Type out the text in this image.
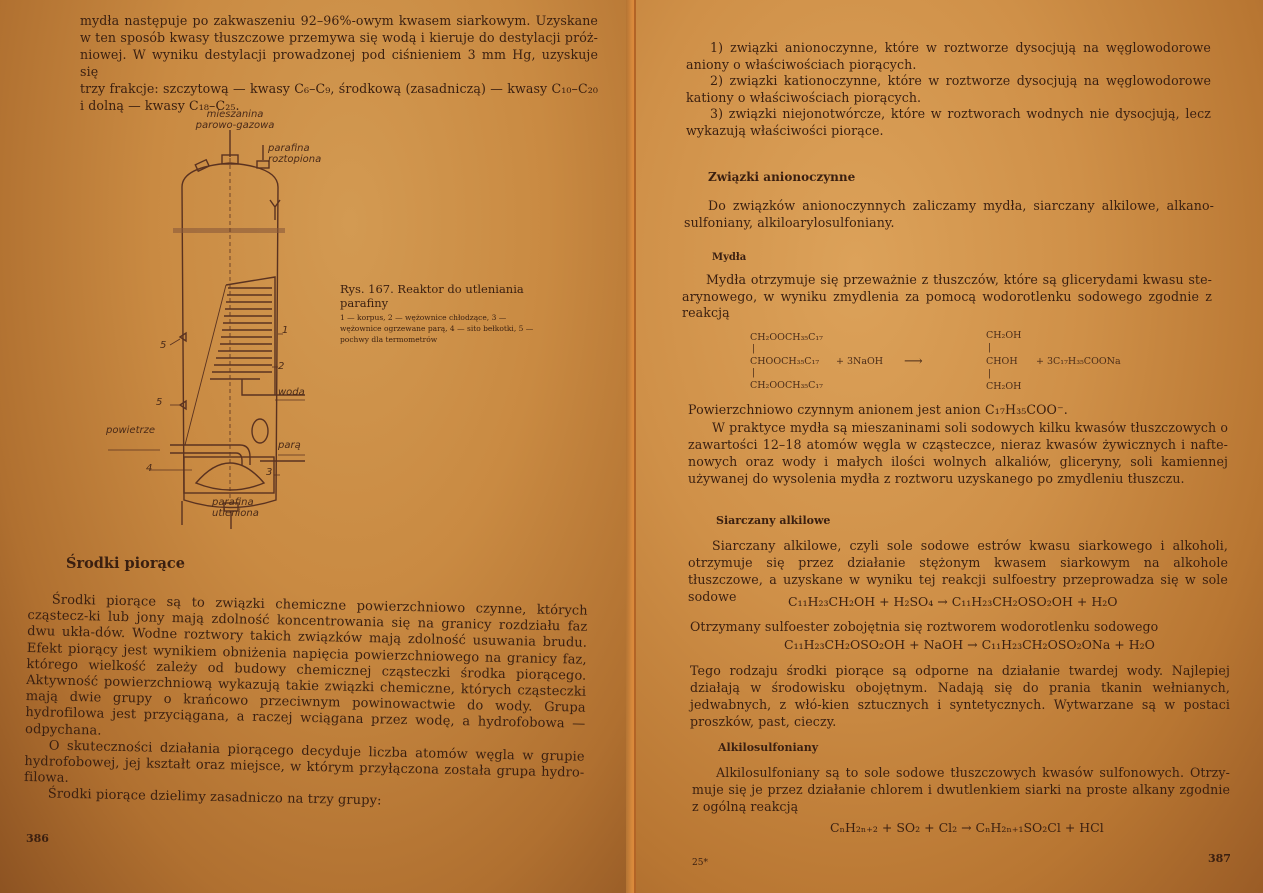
mydła następuje po zakwaszeniu 92–96%-owym kwasem siarkowym. Uzyskane
w ten sposób kwasy tłuszczowe przemywa się wodą i kieruje do destylacji próż-
niowej. W wyniku destylacji prowadzonej pod ciśnieniem 3 mm Hg, uzyskuje się
trzy frakcje: szczytową — kwasy C₆–C₉, środkową (zasadniczą) — kwasy C₁₀–C₂₀
i dolną — kwasy C₁₈–C₂₅.
mieszanina parowo-gazowa
parafina roztopiona
5
1
2
woda
5
powietrze
parą
4	3
parafina utleniona
Rys. 167. Reaktor do utleniania parafiny
1 — korpus, 2 — wężownice chłodzące, 3 — wężownice ogrzewane parą, 4 — sito bełkotki, 5 — pochwy dla termometrów
Środki piorące

Środki piorące są to związki chemiczne powierzchniowo czynne, których cząstecz-ki lub jony mają zdolność koncentrowania się na granicy rozdziału faz dwu ukła-dów. Wodne roztwory takich związków mają zdolność usuwania brudu. Efekt piorący jest wynikiem obniżenia napięcia powierzchniowego na granicy faz, którego wielkość zależy od budowy chemicznej cząsteczki środka piorącego. Aktywność powierzchniową wykazują takie związki chemiczne, których cząsteczki mają dwie grupy o krańcowo przeciwnym powinowactwie do wody. Grupa hydrofilowa jest przyciągana, a raczej wciągana przez wodę, a hydrofobowa — odpychana.

O skuteczności działania piorącego decyduje liczba atomów węgla w grupie hydrofobowej, jej kształt oraz miejsce, w którym przyłączona została grupa hydro-filowa.

Środki piorące dzielimy zasadniczo na trzy grupy:

386

1) związki anionoczynne, które w roztworze dysocjują na węglowodorowe aniony o właściwościach piorących.

2) związki kationoczynne, które w roztworze dysocjują na węglowodorowe kationy o właściwościach piorących.

3) związki niejonotwórcze, które w roztworach wodnych nie dysocjują, lecz wykazują właściwości piorące.

Związki anionoczynne
Do związków anionoczynnych zaliczamy mydła, siarczany alkilowe, alkano-sulfoniany, alkiloarylosulfoniany.
Mydła
Mydła otrzymuje się przeważnie z tłuszczów, które są glicerydami kwasu ste-arynowego, w wyniku zmydlenia za pomocą wodorotlenku sodowego zgodnie z reakcją
CH₂OOCH₃₅C₁₇
|
CHOOCH₃₅C₁₇
|
CH₂OOCH₃₅C₁₇
+ 3NaOH ⟶
CH₂OH
|
CHOH
|
CH₂OH
+ 3C₁₇H₃₅COONa
Powierzchniowo czynnym anionem jest anion C₁₇H₃₅COO⁻.
W praktyce mydła są mieszaninami soli sodowych kilku kwasów tłuszczowych o zawartości 12–18 atomów węgla w cząsteczce, nieraz kwasów żywicznych i nafte-nowych oraz wody i małych ilości wolnych alkaliów, gliceryny, soli kamiennej używanej do wysolenia mydła z roztworu uzyskanego po zmydleniu tłuszczu.
Siarczany alkilowe
Siarczany alkilowe, czyli sole sodowe estrów kwasu siarkowego i alkoholi, otrzymuje się przez działanie stężonym kwasem siarkowym na alkohole tłuszczowe, a uzyskane w wyniku tej reakcji sulfoestry przeprowadza się w sole sodowe	C₁₁H₂₃CH₂OH + H₂SO₄ → C₁₁H₂₃CH₂OSO₂OH + H₂O
Otrzymany sulfoester zobojętnia się roztworem wodorotlenku sodowego
C₁₁H₂₃CH₂OSO₂OH + NaOH → C₁₁H₂₃CH₂OSO₂ONa + H₂O
Tego rodzaju środki piorące są odporne na działanie twardej wody. Najlepiej działają w środowisku obojętnym. Nadają się do prania tkanin wełnianych, jedwabnych, z włó-kien sztucznych i syntetycznych. Wytwarzane są w postaci proszków, past, cieczy.
Alkilosulfoniany
Alkilosulfoniany są to sole sodowe tłuszczowych kwasów sulfonowych. Otrzy-muje się je przez działanie chlorem i dwutlenkiem siarki na proste alkany zgodnie z ogólną reakcją
CₙH₂ₙ₊₂ + SO₂ + Cl₂ → CₙH₂ₙ₊₁SO₂Cl + HCl
25*	387
